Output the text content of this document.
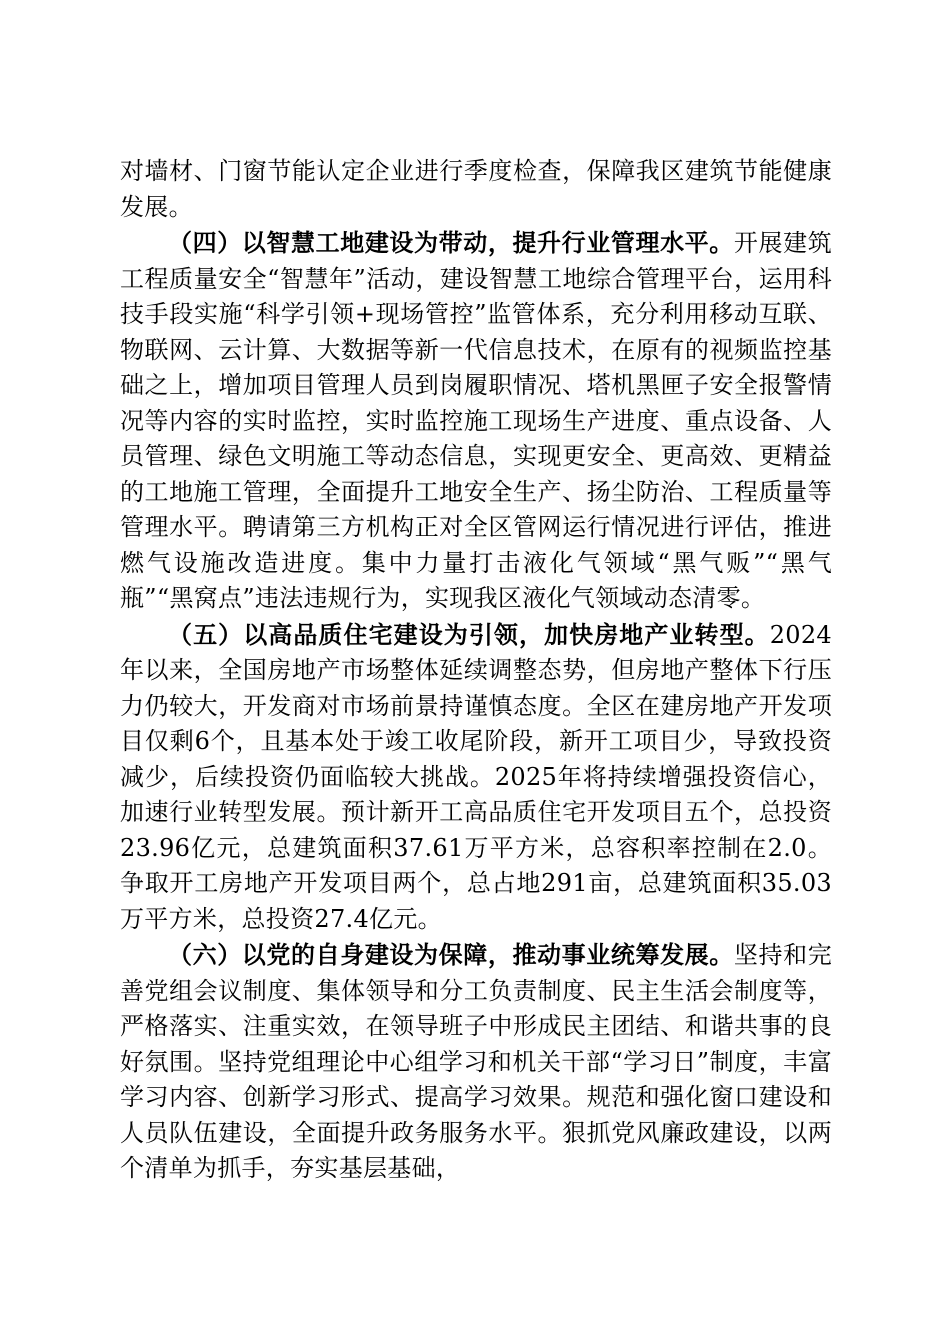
对墙材、门窗节能认定企业进行季度检查，保障我区建筑节能健康发展。

（四）以智慧工地建设为带动，提升行业管理水平。开展建筑工程质量安全“智慧年”活动，建设智慧工地综合管理平台，运用科技手段实施“科学引领+现场管控”监管体系，充分利用移动互联、物联网、云计算、大数据等新一代信息技术，在原有的视频监控基础之上，增加项目管理人员到岗履职情况、塔机黑匣子安全报警情况等内容的实时监控，实时监控施工现场生产进度、重点设备、人员管理、绿色文明施工等动态信息，实现更安全、更高效、更精益的工地施工管理，全面提升工地安全生产、扬尘防治、工程质量等管理水平。聘请第三方机构正对全区管网运行情况进行评估，推进燃气设施改造进度。集中力量打击液化气领域“黑气贩”“黑气瓶”“黑窝点”违法违规行为，实现我区液化气领域动态清零。

（五）以高品质住宅建设为引领，加快房地产业转型。2024年以来，全国房地产市场整体延续调整态势，但房地产整体下行压力仍较大，开发商对市场前景持谨慎态度。全区在建房地产开发项目仅剩6个，且基本处于竣工收尾阶段，新开工项目少，导致投资减少，后续投资仍面临较大挑战。2025年将持续增强投资信心，加速行业转型发展。预计新开工高品质住宅开发项目五个，总投资23.96亿元，总建筑面积37.61万平方米，总容积率控制在2.0。争取开工房地产开发项目两个，总占地291亩，总建筑面积35.03万平方米，总投资27.4亿元。

（六）以党的自身建设为保障，推动事业统筹发展。坚持和完善党组会议制度、集体领导和分工负责制度、民主生活会制度等，严格落实、注重实效，在领导班子中形成民主团结、和谐共事的良好氛围。坚持党组理论中心组学习和机关干部“学习日”制度，丰富学习内容、创新学习形式、提高学习效果。规范和强化窗口建设和人员队伍建设，全面提升政务服务水平。狠抓党风廉政建设，以两个清单为抓手，夯实基层基础，
